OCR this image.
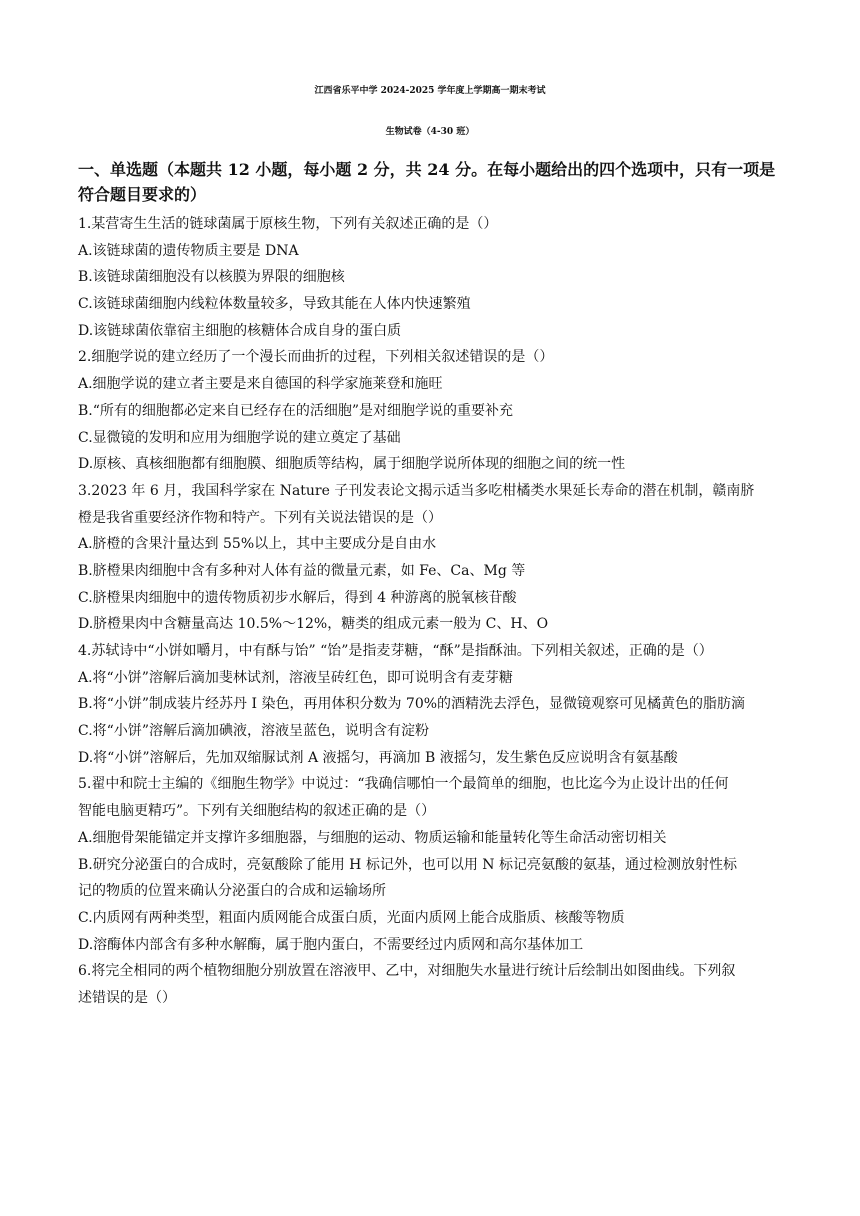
江西省乐平中学 2024-2025 学年度上学期高一期末考试
生物试卷（4-30 班）
一、单选题（本题共 12 小题，每小题 2 分，共 24 分。在每小题给出的四个选项中，只有一项是符合题目要求的）
1.某营寄生生活的链球菌属于原核生物，下列有关叙述正确的是（）
A.该链球菌的遗传物质主要是 DNA
B.该链球菌细胞没有以核膜为界限的细胞核
C.该链球菌细胞内线粒体数量较多，导致其能在人体内快速繁殖
D.该链球菌依靠宿主细胞的核糖体合成自身的蛋白质
2.细胞学说的建立经历了一个漫长而曲折的过程，下列相关叙述错误的是（）
A.细胞学说的建立者主要是来自德国的科学家施莱登和施旺
B.“所有的细胞都必定来自已经存在的活细胞”是对细胞学说的重要补充
C.显微镜的发明和应用为细胞学说的建立奠定了基础
D.原核、真核细胞都有细胞膜、细胞质等结构，属于细胞学说所体现的细胞之间的统一性
3.2023 年 6 月，我国科学家在 Nature 子刊发表论文揭示适当多吃柑橘类水果延长寿命的潜在机制，赣南脐
橙是我省重要经济作物和特产。下列有关说法错误的是（）
A.脐橙的含果汁量达到 55%以上，其中主要成分是自由水
B.脐橙果肉细胞中含有多种对人体有益的微量元素，如 Fe、Ca、Mg 等
C.脐橙果肉细胞中的遗传物质初步水解后，得到 4 种游离的脱氧核苷酸
D.脐橙果肉中含糖量高达 10.5%～12%，糖类的组成元素一般为 C、H、O
4.苏轼诗中“小饼如嚼月，中有酥与饴” “饴”是指麦芽糖，“酥”是指酥油。下列相关叙述，正确的是（）
A.将“小饼”溶解后滴加斐林试剂，溶液呈砖红色，即可说明含有麦芽糖
B.将“小饼”制成装片经苏丹 I 染色，再用体积分数为 70%的酒精洗去浮色，显微镜观察可见橘黄色的脂肪滴
C.将“小饼”溶解后滴加碘液，溶液呈蓝色，说明含有淀粉
D.将“小饼”溶解后，先加双缩脲试剂 A 液摇匀，再滴加 B 液摇匀，发生紫色反应说明含有氨基酸
5.翟中和院士主编的《细胞生物学》中说过：“我确信哪怕一个最简单的细胞，也比迄今为止设计出的任何
智能电脑更精巧”。下列有关细胞结构的叙述正确的是（）
A.细胞骨架能锚定并支撑许多细胞器，与细胞的运动、物质运输和能量转化等生命活动密切相关
B.研究分泌蛋白的合成时，亮氨酸除了能用 H 标记外，也可以用 N 标记亮氨酸的氨基，通过检测放射性标
记的物质的位置来确认分泌蛋白的合成和运输场所
C.内质网有两种类型，粗面内质网能合成蛋白质，光面内质网上能合成脂质、核酸等物质
D.溶酶体内部含有多种水解酶，属于胞内蛋白，不需要经过内质网和高尔基体加工
6.将完全相同的两个植物细胞分别放置在溶液甲、乙中，对细胞失水量进行统计后绘制出如图曲线。下列叙
述错误的是（）
